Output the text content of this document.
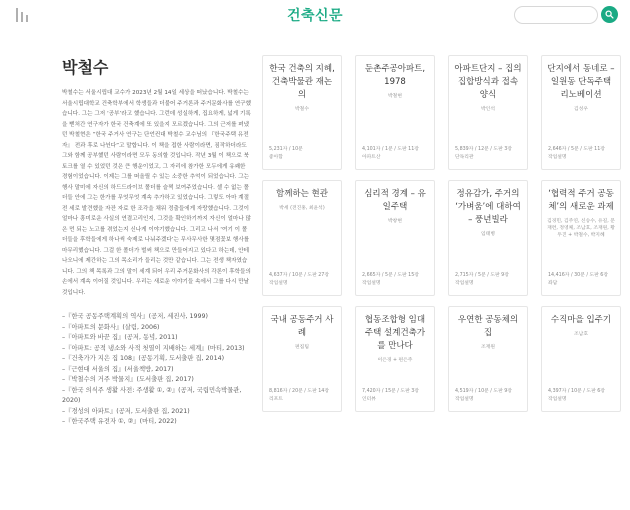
건축신문
박철수

박철수는 서울시립대 교수가 2023년 2월 14일 세상을 떠났습니다. 박철수는 서울시립대학교 건축학부에서 학생들과 더불어 주거론과 주거문화사를 연구했습니다. 그는 그저 ‘공부’라고 했습니다. 그런데 성실하게, 집요하게, 넓게 기록을 뻗처간 연구자가 한국 건축계에 또 있을지 모르겠습니다. 그의 근저를 펴냈던 박철현은 “한국 주거사 연구는 단언컨대 박철수 교수님의 『한국주택 유전자』 전과 후로 나뉜다”고 말합니다. 이 책을 접한 사람이라면, 짐작하더라도 그와 함께 공부했던 사람이라면 모두 동의할 것입니다. 작년 3월 이 책으로 북토크를 열 수 있었던 것은 큰 행운이었고, 그 자리에 참가한 모두에게 유쾌한 경험이었습니다. 이제는 그를 떠올릴 수 있는 소중한 추억이 되었습니다. 그는 행사 말미에 자신의 하드드라이브 폴더를 슬쩍 보여주었습니다. 셀 수 없는 폴더들 안에 그는 한가를 무엇무엇 계속 추가하고 있었습니다. 그렇도 아마 계절 전 세로 발견했을 자잔 자료 한 조각을 채워 정출들에게 자랑했습니다. 그것이 얼마나 흥미로운 사실의 연결고리인지, 그것을 확인하기까지 자신이 얼마나 많은 먼 되는 노고를 겪었는지 신나게 이야기했습니다. 그리고 나서 ‘여기 이 폴더들을 후학들에게 하나씩 숙제로 나눠주겠다’는 무사무사한 몇점꽃보 행사를 마무리했습니다. 그걸 한 폴더가 벌써 책으로 만들어지고 있다고 하는데, 안테 나오니에 제간하는 그의 목소리가 들리는 것만 같습니다. 그는 전생 책자였습니다. 그의 책 목록과 그의 말이 세계 되어 우리 주거문화사의 각론이 후학들의 손에서 계속 이어질 것입니다. 우리는 새로운 이야기들 속에서 그를 다시 만날 것입니다.

–『한국 공동주택계획의 역사』(공저, 세진사, 1999)
–『아파트의 문화사』(살림, 2006)
–『아파트와 바꾼 집』(공저, 동녘, 2011)
–『아파트: 공적 냉소와 사적 첫열이 지배하는 세계』(마티, 2013)
–『건축가가 지은 집 108』(공동기획, 도서출판 집, 2014)
–『근현대 서울의 집』(서울책방, 2017)
–『박철수의 거주 박물지』(도서출판 집, 2017)
–『한국 의식주 생활 사전: 주생활 ①, ②』(공저, 국립민속박물관, 2020)
–『경성의 아파트』(공저, 도서출판 집, 2021)
–『한국주택 유전자 ①, ②』(마티, 2022)
한국 건축의 지혜, 건축박물관 재논의
박철수
5,231자 / 10분
좋아함
둔촌주공아파트, 1978
박철현
4,101자 / 1분 / 도판 11장
아파트산
아파트단지 – 집의 집합방식과 접속양식
박인석
5,839자 / 12분 / 도판 3장
단독리관
단지에서 동네로 – 일원동 단독주택 리노베이션
김성우
2,646자 / 5분 / 도판 11장
작업설명
함께하는 현관
박세 (전진홍, 최윤석)
4,637자 / 10분 / 도판 27장
작업설명
심리적 경계 – 유일주택
박창현
2,665자 / 5분 / 도판 15장
작업설명
정유감가, 주거의 ‘가벼움’에 대하여 – 풍년빌라
임태병
2,715자 / 5분 / 도판 9장
작업설명
‘협력적 주거 공동체’의 새로운 과제
김경민, 김주연, 신승수, 유길, 문재련, 정영체, 조남호, 조재원, 황두진 + 박철수, 박지혜
14,416자 / 30분 / 도판 6장
좌담
국내 공동주거 사례
편집팀
8,816자 / 20분 / 도판 14장
리포트
협동조합형 임대주택 설계건축가를 만나다
이은경 + 편은주
7,420자 / 15분 / 도판 3장
인터뷰
우연한 공동체의 집
조재원
4,519자 / 10분 / 도판 9장
작업설명
수직마을 입주기
조남호
4,397자 / 10분 / 도판 6장
작업설명
